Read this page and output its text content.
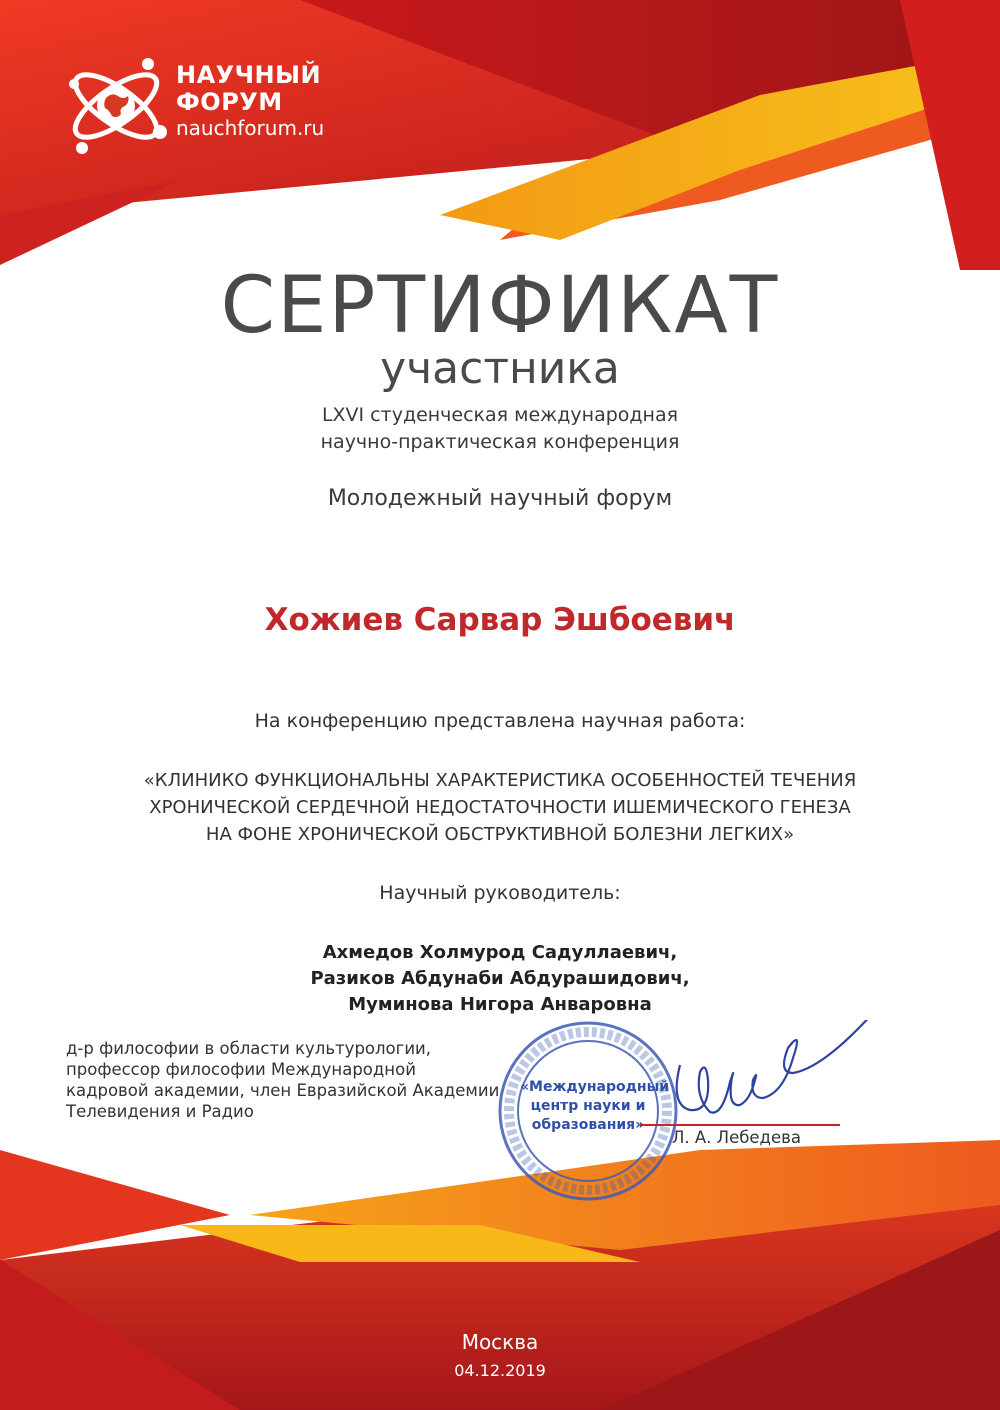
НАУЧНЫЙ
ФОРУМ
nauchforum.ru
СЕРТИФИКАТ
участника
LXVI студенческая международная
научно-практическая конференция
Молодежный научный форум
Хожиев Сарвар Эшбоевич
На конференцию представлена научная работа:
«КЛИНИКО ФУНКЦИОНАЛЬНЫ ХАРАКТЕРИСТИКА ОСОБЕННОСТЕЙ ТЕЧЕНИЯ
ХРОНИЧЕСКОЙ СЕРДЕЧНОЙ НЕДОСТАТОЧНОСТИ ИШЕМИЧЕСКОГО ГЕНЕЗА
НА ФОНЕ ХРОНИЧЕСКОЙ ОБСТРУКТИВНОЙ БОЛЕЗНИ ЛЕГКИХ»
Научный руководитель:
Ахмедов Холмурод Садуллаевич,
Разиков Абдунаби Абдурашидович,
Муминова Нигора Анваровна
д-р философии в области культурологии,
профессор философии Международной
кадровой академии, член Евразийской Академии
Телевидения и Радио
«Международный
центр науки и
образования»
Л. А. Лебедева
Москва
04.12.2019
